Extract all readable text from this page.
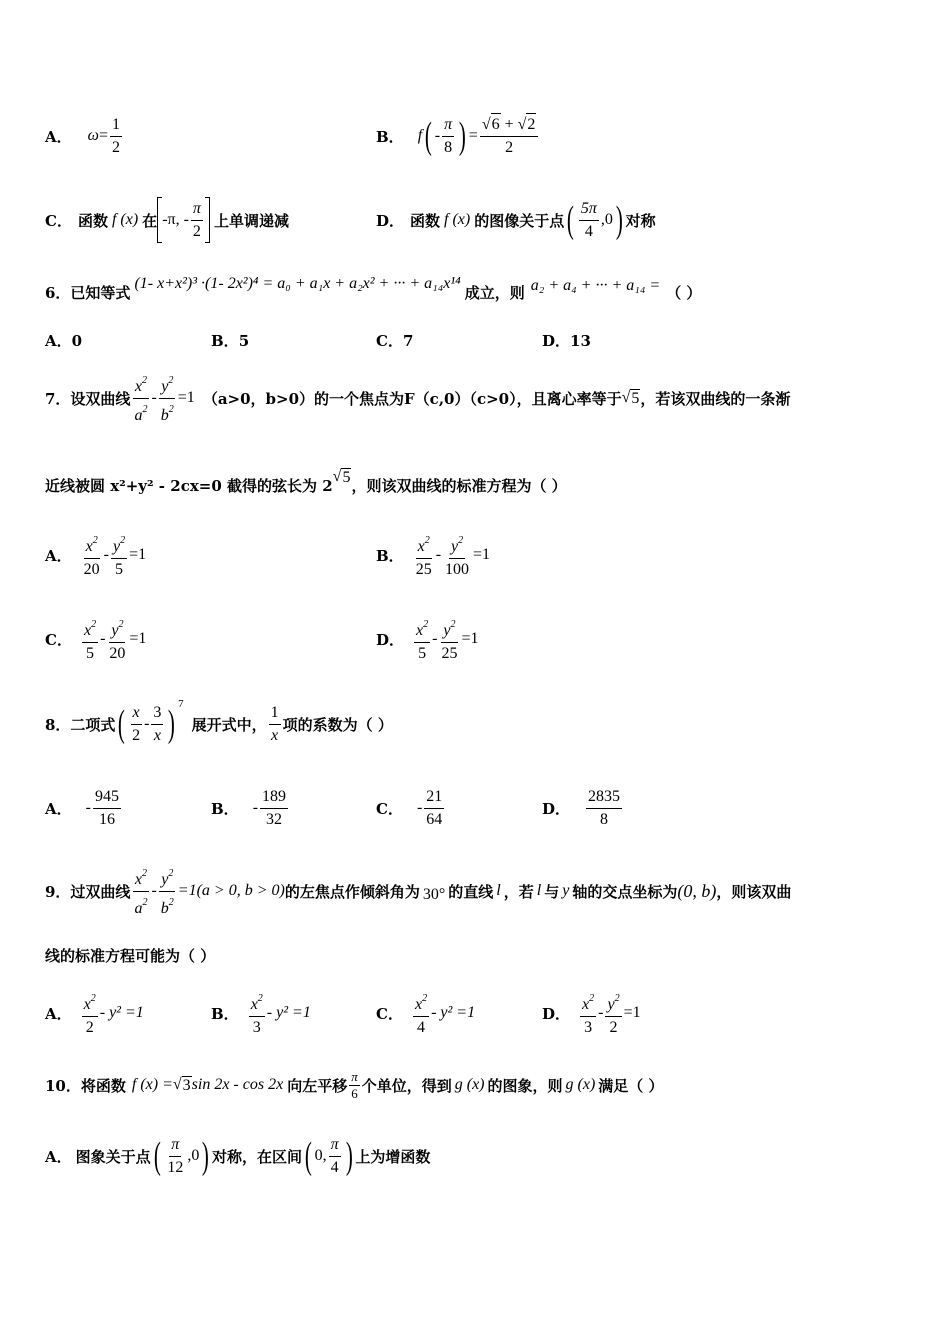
A． $\omega = \frac{1}{2}$	B． f ( - $\frac{\pi}{8}$ ) = $\frac{√ 6 + √ 2}{2}$
C． 函数 f (x) 在 -π, - $\frac{\pi}{2}$ 上单调递减	D． 函数 f (x) 的图像关于点 ( $\frac{5\pi}{4} ,0$ ) 对称
6．已知等式 (1- x+x²)³ ·(1- 2x²)⁴ = a₀ + a₁x + a₂x² + ··· + a₁₄x¹⁴ 成立，则 a₂ + a₄ + ··· + a₁₄ = （ ）
A．0	B．5	C．7	D．13
7．设双曲线 $\frac{x^2}{a^2} - \frac{y^2}{b^2} =1$ （a>0，b>0）的一个焦点为F（c,0）（c>0），且离心率等于 √ 5 ，若该双曲线的一条渐
近线被圆 x²+y² - 2cx=0 截得的弦长为 2 √ 5 ，则该双曲线的标准方程为（ ）
A． $\frac{x^2}{20} - \frac{y^2}{5} =1$	B． $\frac{x^2}{25} - \frac{y^2}{100} =1$
C． $\frac{x^2}{5} - \frac{y^2}{20} =1$	D． $\frac{x^2}{5} - \frac{y^2}{25} =1$
8．二项式 ( $\frac{x}{2} - \frac{3}{x}$ ) 7
展开式中， $\frac{1}{x}$ 项的系数为（ ）
A． - $\frac{945}{16}$	B． - $\frac{189}{32}$	C． - $\frac{21}{64}$	D． $\frac{2835}{8}$
9．过双曲线 $\frac{x^2}{a^2} - \frac{y^2}{b^2} =1(a > 0$, b > 0) 的左焦点作倾斜角为 30° 的直线 l ，若 l 与 y 轴的交点坐标为 (0, b) ，则该双曲
线的标准方程可能为（ ）
A． $\frac{x^2}{2} - y^2 =1$	B． $\frac{x^2}{3} - y^2 =1$	C． $\frac{x^2}{4} - y^2 =1$	D． $\frac{x^2}{3} - \frac{y^2}{2} =1$
10．将函数 f (x) = √ 3 sin 2x - cos 2x 向左平移 $\frac{\pi}{6}$ 个单位，得到 g (x) 的图象，则 g (x) 满足（ ）
A． 图象关于点 ( $\frac{\pi}{12} ,0$ ) 对称，在区间 ( 0, $\frac{\pi}{4}$ ) 上为增函数
